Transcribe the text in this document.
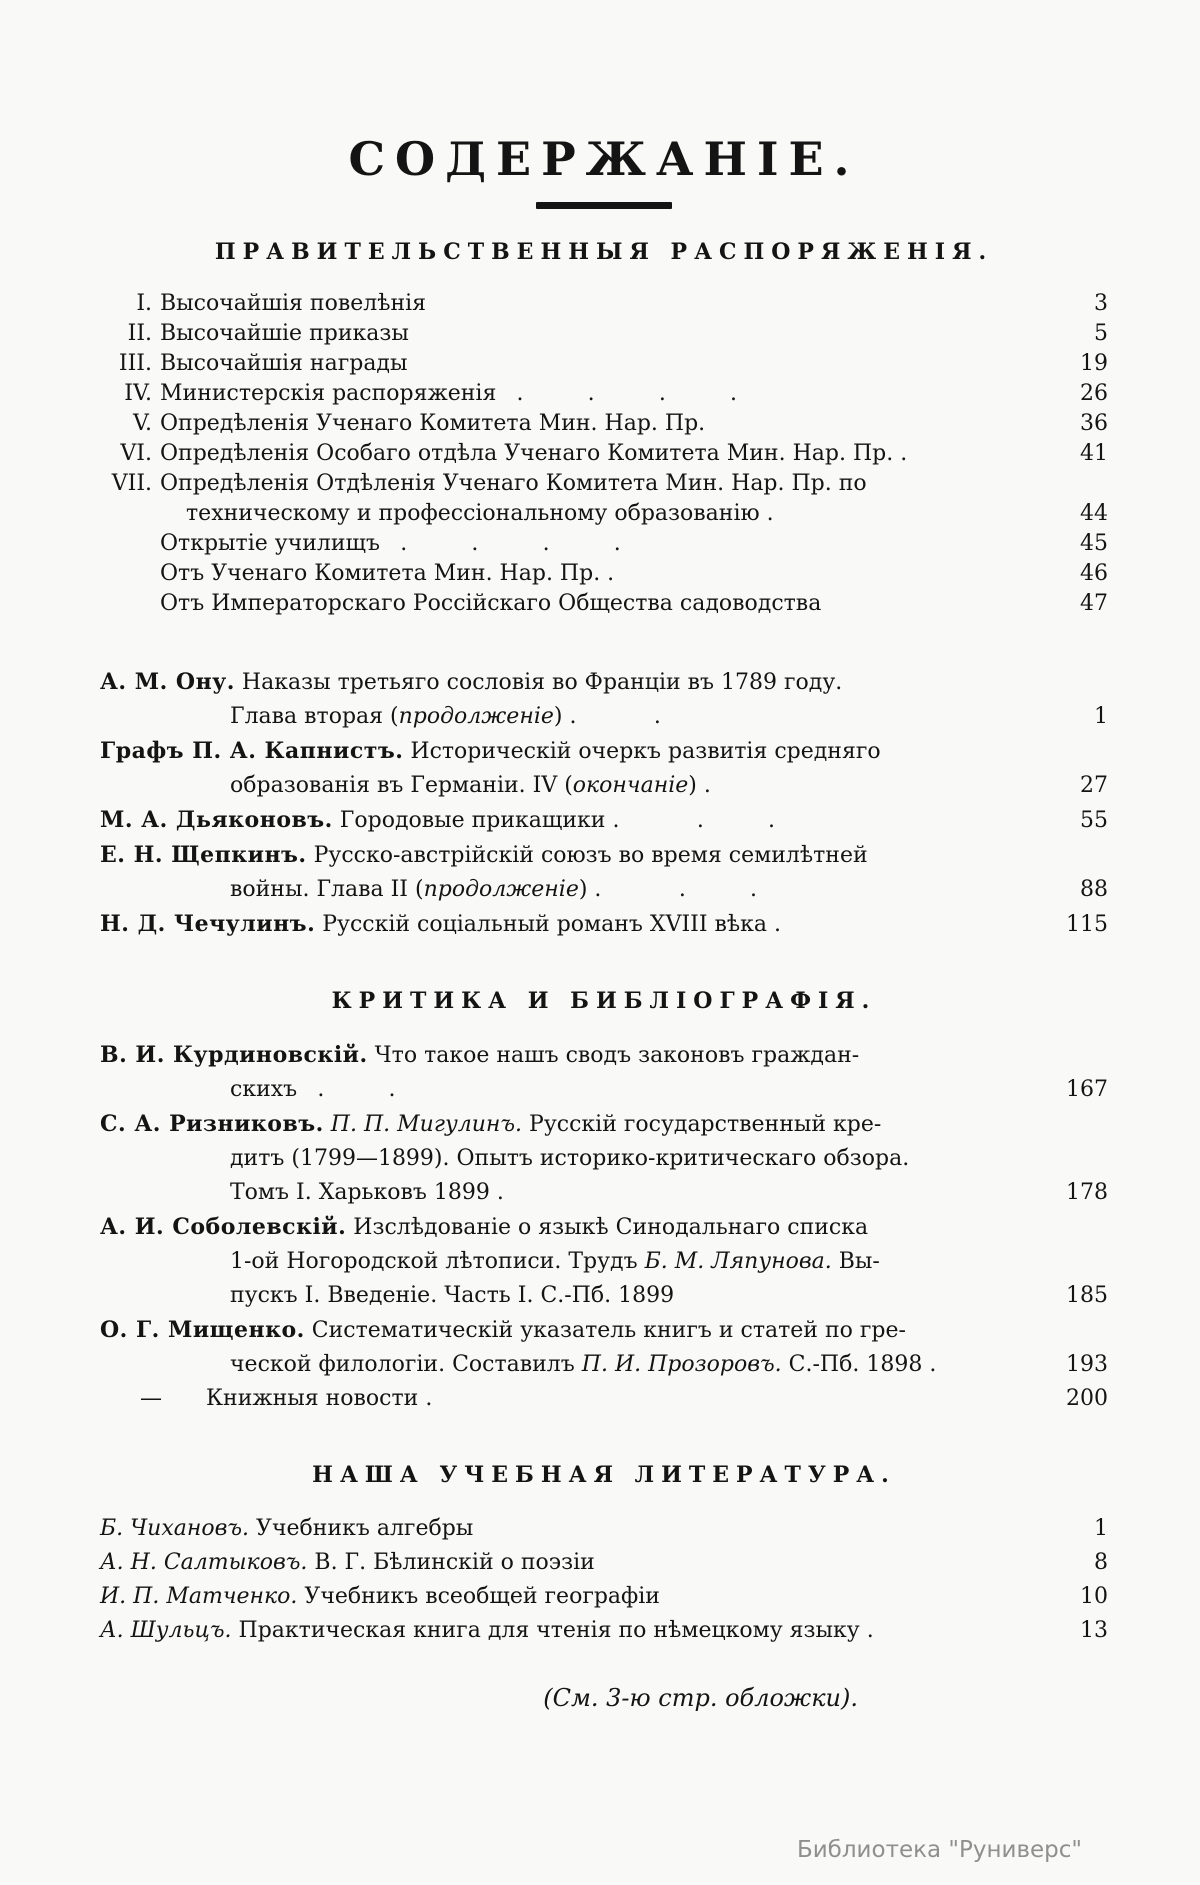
СОДЕРЖАНІЕ.
ПРАВИТЕЛЬСТВЕННЫЯ РАСПОРЯЖЕНІЯ.
I. Высочайшія повелѣнія	3
II. Высочайшіе приказы	5
III. Высочайшія награды	19
IV. Министерскія распоряженія . . . .	26
V. Опредѣленія Ученаго Комитета Мин. Нар. Пр.	36
VI. Опредѣленія Особаго отдѣла Ученаго Комитета Мин. Нар. Пр. .	41
VII. Опредѣленія Отдѣленія Ученаго Комитета Мин. Нар. Пр. по
техническому и профессіональному образованію .	44
Открытіе училищъ . . . .	45
Отъ Ученаго Комитета Мин. Нар. Пр. .	46
Отъ Императорскаго Россійскаго Общества садоводства	47
А. М. Ону. Наказы третьяго сословія во Франціи въ 1789 году.
Глава вторая (продолженіе) . .	1
Графъ П. А. Капнистъ. Историческій очеркъ развитія средняго
образованія въ Германіи. IV (окончаніе) .	27
М. А. Дьяконовъ. Городовые прикащики . . .	55
Е. Н. Щепкинъ. Русско-австрійскій союзъ во время семилѣтней
войны. Глава II (продолженіе) . . .	88
Н. Д. Чечулинъ. Русскій соціальный романъ XVIII вѣка .	115
КРИТИКА И БИБЛІОГРАФІЯ.
В. И. Курдиновскій. Что такое нашъ сводъ законовъ граждан-
скихъ . .	167
С. А. Ризниковъ. П. П. Мигулинъ. Русскій государственный кре-
дитъ (1799—1899). Опытъ историко-критическаго обзора.
Томъ I. Харьковъ 1899 .	178
А. И. Соболевскій. Изслѣдованіе о языкѣ Синодальнаго списка
1-ой Ногородской лѣтописи. Трудъ Б. М. Ляпунова. Вы-
пускъ I. Введеніе. Часть I. С.-Пб. 1899	185
О. Г. Мищенко. Систематическій указатель книгъ и статей по гре-
ческой филологіи. Составилъ П. И. Прозоровъ. С.-Пб. 1898 .	193
—  Книжныя новости .	200
НАША УЧЕБНАЯ ЛИТЕРАТУРА.
Б. Чихановъ. Учебникъ алгебры	1
А. Н. Салтыковъ. В. Г. Бѣлинскій о поэзіи	8
И. П. Матченко. Учебникъ всеобщей географіи	10
А. Шульцъ. Практическая книга для чтенія по нѣмецкому языку .	13
(См. 3-ю стр. обложки).
Библиотека "Руниверс"
